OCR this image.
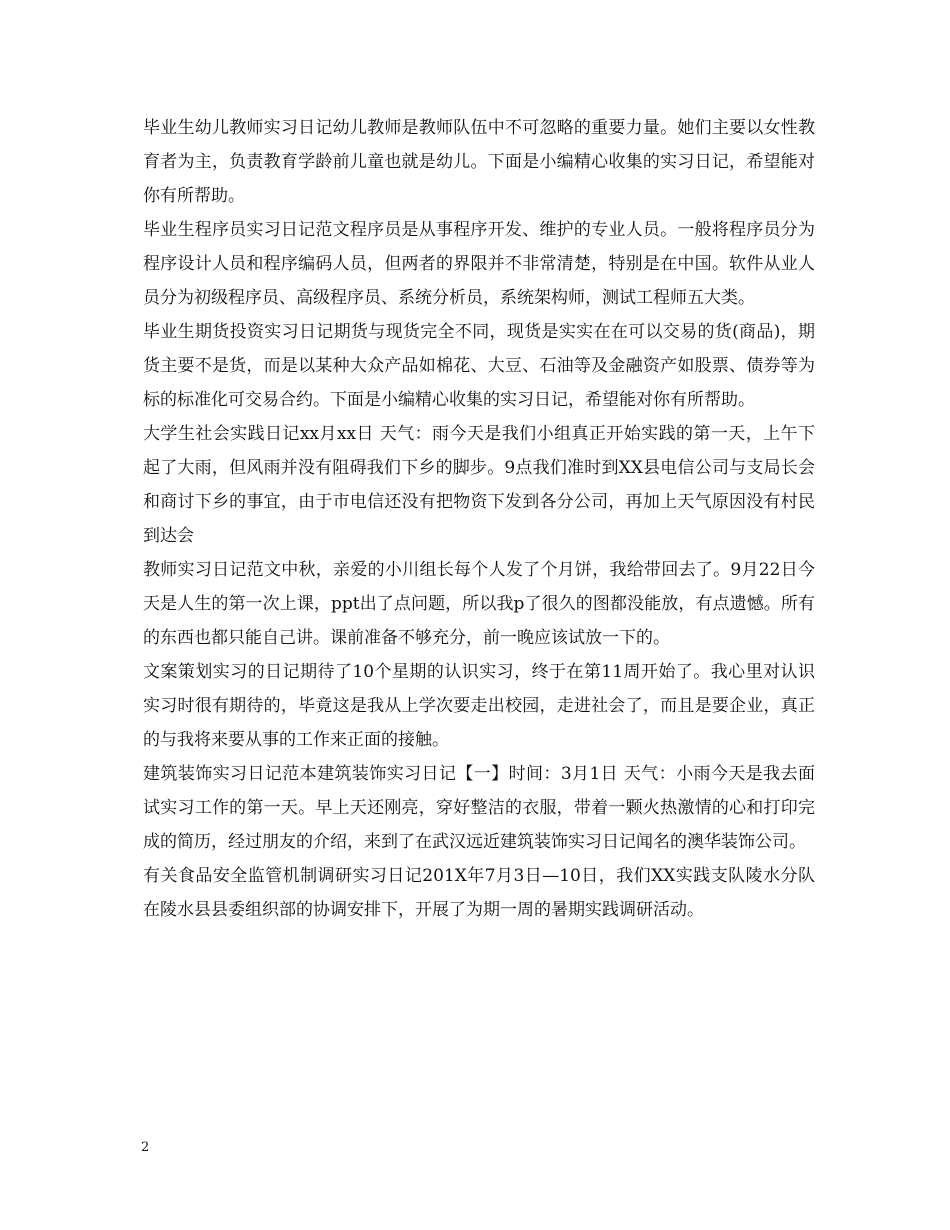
毕业生幼儿教师实习日记幼儿教师是教师队伍中不可忽略的重要力量。她们主要以女性教育者为主，负责教育学龄前儿童也就是幼儿。下面是小编精心收集的实习日记，希望能对你有所帮助。

毕业生程序员实习日记范文程序员是从事程序开发、维护的专业人员。一般将程序员分为程序设计人员和程序编码人员，但两者的界限并不非常清楚，特别是在中国。软件从业人员分为初级程序员、高级程序员、系统分析员，系统架构师，测试工程师五大类。

毕业生期货投资实习日记期货与现货完全不同，现货是实实在在可以交易的货(商品)，期货主要不是货，而是以某种大众产品如棉花、大豆、石油等及金融资产如股票、债券等为标的标准化可交易合约。下面是小编精心收集的实习日记，希望能对你有所帮助。

大学生社会实践日记xx月xx日 天气：雨今天是我们小组真正开始实践的第一天，上午下起了大雨，但风雨并没有阻碍我们下乡的脚步。9点我们准时到XX县电信公司与支局长会和商讨下乡的事宜，由于市电信还没有把物资下发到各分公司，再加上天气原因没有村民到达会

教师实习日记范文中秋，亲爱的小川组长每个人发了个月饼，我给带回去了。9月22日今天是人生的第一次上课，ppt出了点问题，所以我p了很久的图都没能放，有点遗憾。所有的东西也都只能自己讲。课前准备不够充分，前一晚应该试放一下的。

文案策划实习的日记期待了10个星期的认识实习，终于在第11周开始了。我心里对认识实习时很有期待的，毕竟这是我从上学次要走出校园，走进社会了，而且是要企业，真正的与我将来要从事的工作来正面的接触。

建筑装饰实习日记范本建筑装饰实习日记【一】时间：3月1日 天气：小雨今天是我去面试实习工作的第一天。早上天还刚亮，穿好整洁的衣服，带着一颗火热激情的心和打印完成的简历，经过朋友的介绍，来到了在武汉远近建筑装饰实习日记闻名的澳华装饰公司。

有关食品安全监管机制调研实习日记201X年7月3日—10日，我们XX实践支队陵水分队在陵水县县委组织部的协调安排下，开展了为期一周的暑期实践调研活动。

2
